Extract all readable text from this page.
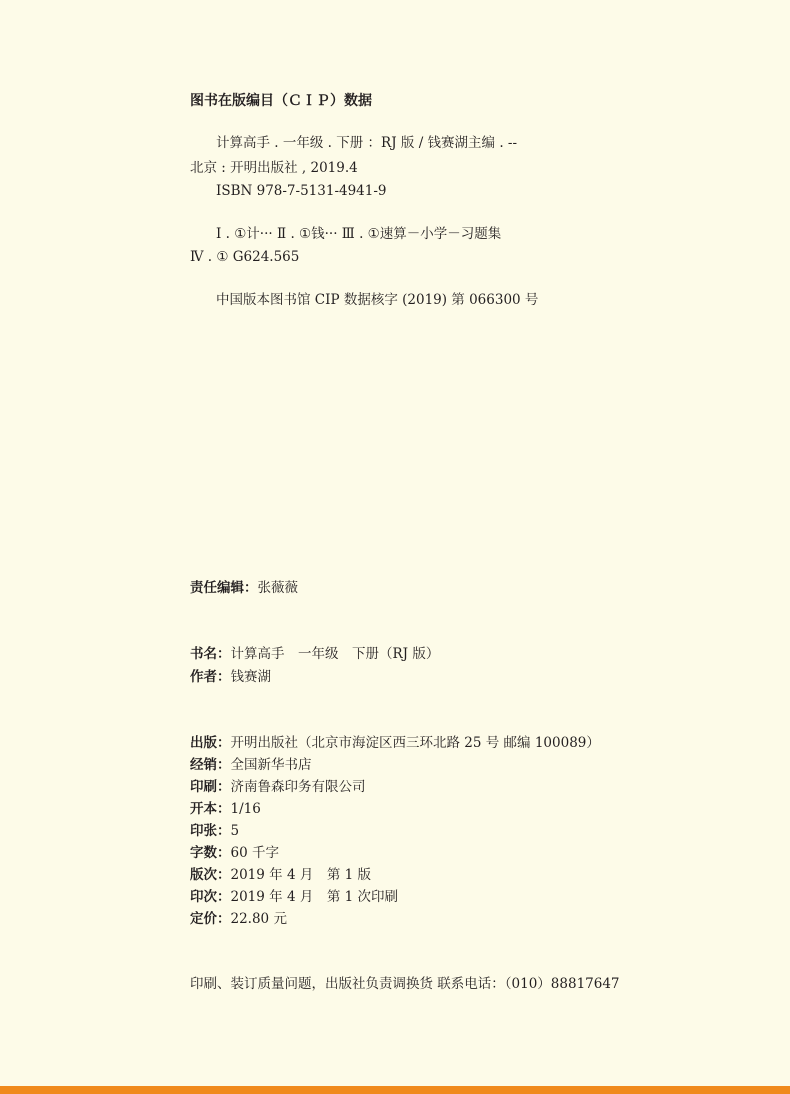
图书在版编目（ＣＩＰ）数据
计算高手 . 一年级 . 下册 ：RJ 版 / 钱赛湖主编 . --
北京 : 开明出版社 , 2019.4
ISBN 978-7-5131-4941-9
Ⅰ . ①计··· Ⅱ . ①钱··· Ⅲ . ①速算－小学－习题集
Ⅳ . ① G624.565
中国版本图书馆 CIP 数据核字 (2019) 第 066300 号
责任编辑：张薇薇
书名：计算高手　一年级　下册（RJ 版）
作者：钱赛湖
出版：开明出版社（北京市海淀区西三环北路 25 号 邮编 100089）
经销：全国新华书店
印刷：济南鲁森印务有限公司
开本：1/16
印张：5
字数：60 千字
版次：2019 年 4 月　第 1 版
印次：2019 年 4 月　第 1 次印刷
定价：22.80 元
印刷、装订质量问题，出版社负责调换货 联系电话：（010）88817647
